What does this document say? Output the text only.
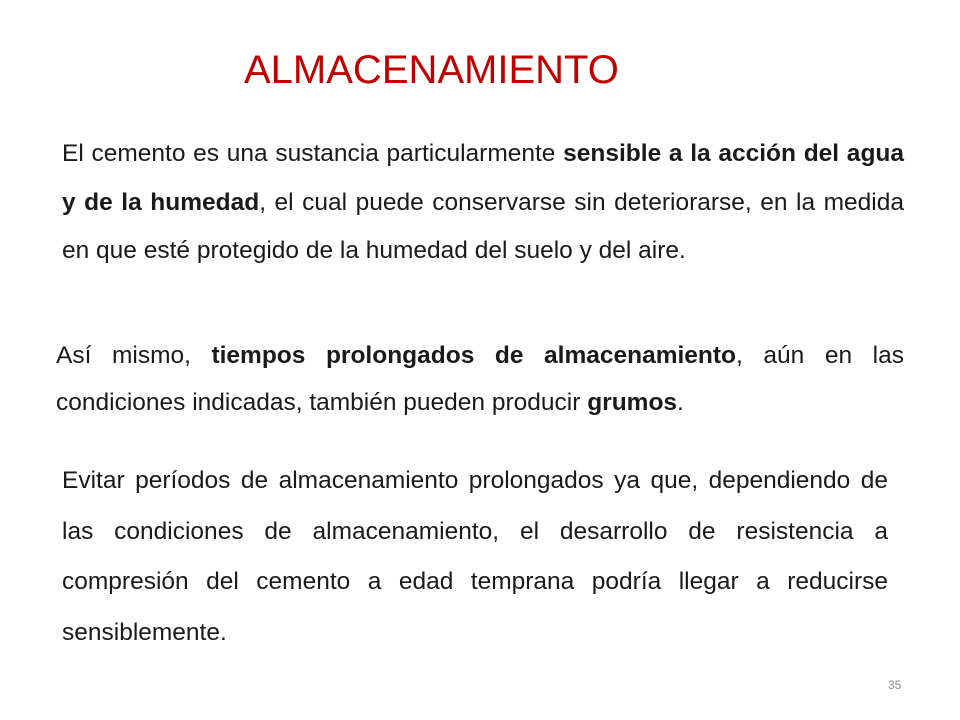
ALMACENAMIENTO

El cemento es una sustancia particularmente sensible a la acción del agua y de la humedad, el cual puede conservarse sin deteriorarse, en la medida en que esté protegido de la humedad del suelo y del aire.

Así mismo, tiempos prolongados de almacenamiento, aún en las condiciones indicadas, también pueden producir grumos.

Evitar períodos de almacenamiento prolongados ya que, dependiendo de las condiciones de almacenamiento, el desarrollo de resistencia a compresión del cemento a edad temprana podría llegar a reducirse sensiblemente.

35
